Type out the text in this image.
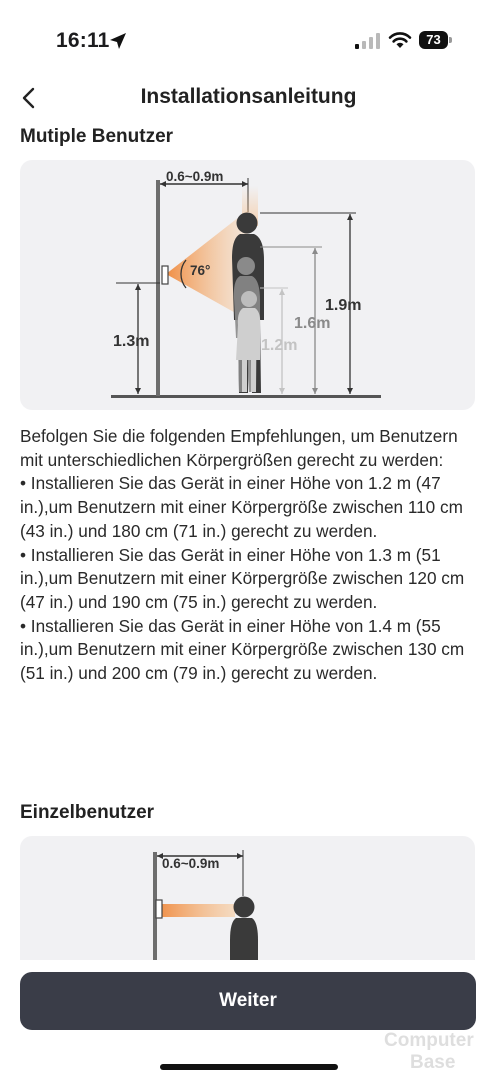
16:11	73
Installationsanleitung
Mutiple Benutzer
0.6~0.9m
76°
1.3m
1.9m
1.6m
1.2m

Befolgen Sie die folgenden Empfehlungen, um Benutzern mit unterschiedlichen Körpergrößen gerecht zu werden:

• Installieren Sie das Gerät in einer Höhe von 1.2 m (47 in.),um Benutzern mit einer Körpergröße zwischen 110 cm (43 in.) und 180 cm (71 in.) gerecht zu werden.

• Installieren Sie das Gerät in einer Höhe von 1.3 m (51 in.),um Benutzern mit einer Körpergröße zwischen 120 cm (47 in.) und 190 cm (75 in.) gerecht zu werden.

• Installieren Sie das Gerät in einer Höhe von 1.4 m (55 in.),um Benutzern mit einer Körpergröße zwischen 130 cm (51 in.) und 200 cm (79 in.) gerecht zu werden.

Einzelbenutzer
0.6~0.9m
Weiter
Computer
Base
